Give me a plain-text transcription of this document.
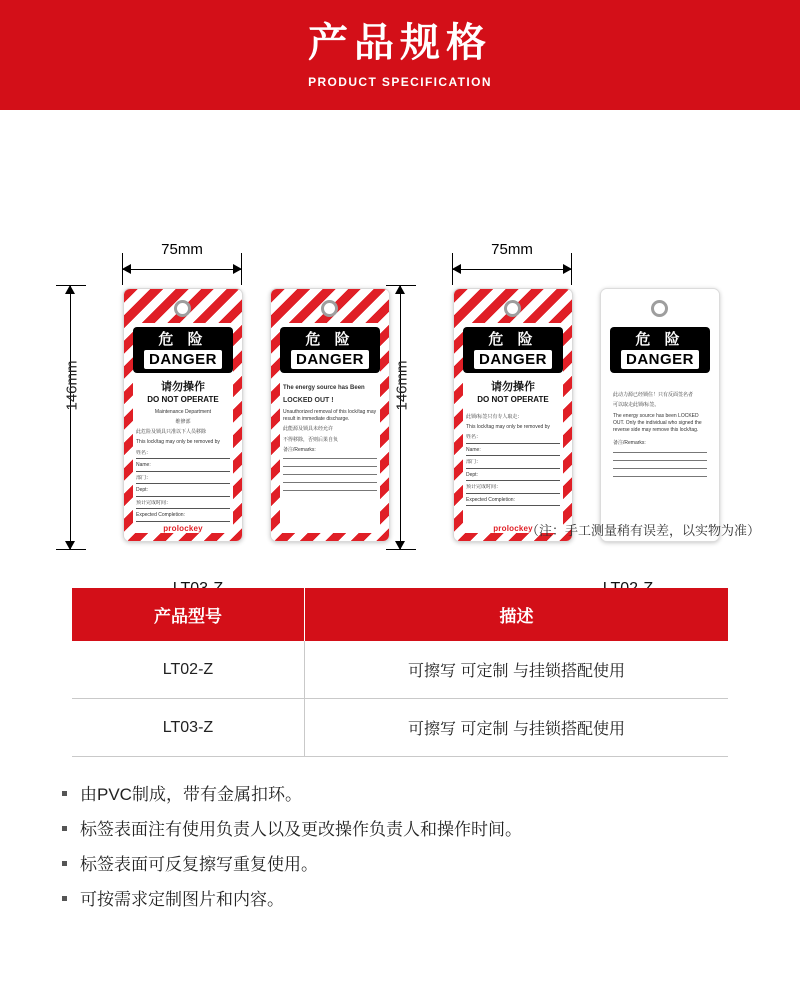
产品规格
PRODUCT SPECIFICATION
75mm
146mm
危 险
DANGER
请勿操作
DO NOT OPERATE
Maintenance Department
维修部
此危险及锁具只准以下人员移除
This lock/tag may only be removed by
姓名：
Name:
部门：
Dept:
预计完成时间：
Expected Completion:
prolockey
危 险
DANGER
The energy source has Been
LOCKED OUT !
Unauthorized removal of this lock/tag may result in immediate discharge.
此能源及锁具未经允许
不得移除，否则后果自负
备注/Remarks:
75mm
146mm
危 险
DANGER
请勿操作
DO NOT OPERATE
此锁/标签只有专人取走：
This lock/tag may only be removed by
姓名：
Name:
部门：
Dept:
预计完成时间：
Expected Completion:
prolockey
危 险
DANGER
此动力源已经锁住！只有反面签名者
可以取走此锁/标签。
The energy source has been LOCKED OUT. Only the individual who signed the reverse side may remove this lock/tag.
备注/Remarks:
（注：手工测量稍有误差，以实物为准）
产品型号	描述
LT02-Z	可擦写 可定制 与挂锁搭配使用
LT03-Z	可擦写 可定制 与挂锁搭配使用
由PVC制成，带有金属扣环。
标签表面注有使用负责人以及更改操作负责人和操作时间。
标签表面可反复擦写重复使用。
可按需求定制图片和内容。
